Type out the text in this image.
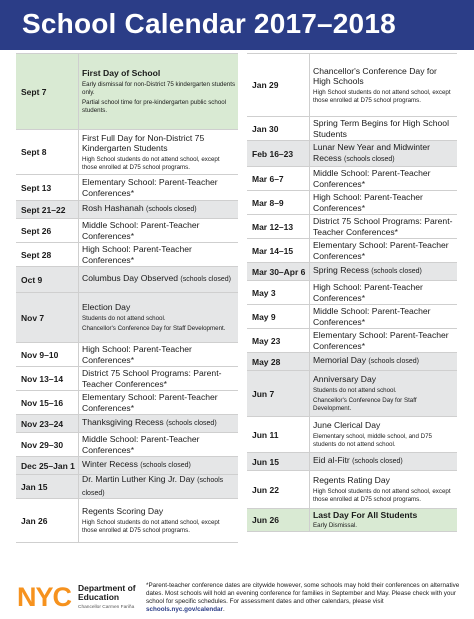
School Calendar 2017–2018
Sept 7
First Day of School
Early dismissal for non-District 75 kindergarten students only.
Partial school time for pre-kindergarten public school students.
Sept 8
First Full Day for Non-District 75 Kindergarten Students
High School students do not attend school, except those enrolled at D75 school programs.
Sept 13
Elementary School: Parent-Teacher Conferences*
Sept 21–22	Rosh Hashanah (schools closed)
Sept 26
Middle School: Parent-Teacher Conferences*
Sept 28
High School: Parent-Teacher Conferences*
Oct 9	Columbus Day Observed (schools closed)
Nov 7
Election Day
Students do not attend school.
Chancellor's Conference Day for Staff Development.
Nov 9–10
High School: Parent-Teacher Conferences*
Nov 13–14
District 75 School Programs: Parent-Teacher Conferences*
Nov 15–16
Elementary School: Parent-Teacher Conferences*
Nov 23–24	Thanksgiving Recess (schools closed)
Nov 29–30
Middle School: Parent-Teacher Conferences*
Dec 25–Jan 1 Winter Recess (schools closed)
Jan 15
Dr. Martin Luther King Jr. Day (schools closed)
Jan 26
Regents Scoring Day
High School students do not attend school, except those enrolled at D75 school programs.
Jan 29
Chancellor's Conference Day for High Schools
High School students do not attend school, except those enrolled at D75 school programs.
Jan 30
Spring Term Begins for High School Students
Feb 16–23
Lunar New Year and Midwinter Recess (schools closed)
Mar 6–7
Middle School: Parent-Teacher Conferences*
Mar 8–9
High School: Parent-Teacher Conferences*
Mar 12–13
District 75 School Programs: Parent-Teacher Conferences*
Mar 14–15
Elementary School: Parent-Teacher Conferences*
Mar 30–Apr 6 Spring Recess (schools closed)
May 3
High School: Parent-Teacher Conferences*
May 9
Middle School: Parent-Teacher Conferences*
May 23
Elementary School: Parent-Teacher Conferences*
May 28	Memorial Day (schools closed)
Jun 7
Anniversary Day
Students do not attend school.
Chancellor's Conference Day for Staff Development.
Jun 11
June Clerical Day
Elementary school, middle school, and D75 students do not attend school.
Jun 15	Eid al-Fitr (schools closed)
Jun 22
Regents Rating Day
High School students do not attend school, except those enrolled at D75 school programs.
Jun 26
Last Day For All Students
Early Dismissal.
NYC Department of
Education
Chancellor Carmen Fariña
*Parent-teacher conference dates are citywide however, some schools may hold their conferences on alternative dates. Most schools will hold an evening conference for families in September and May. Please check with your school for specific schedules. For assessment dates and other calendars, please visit schools.nyc.gov/calendar.
